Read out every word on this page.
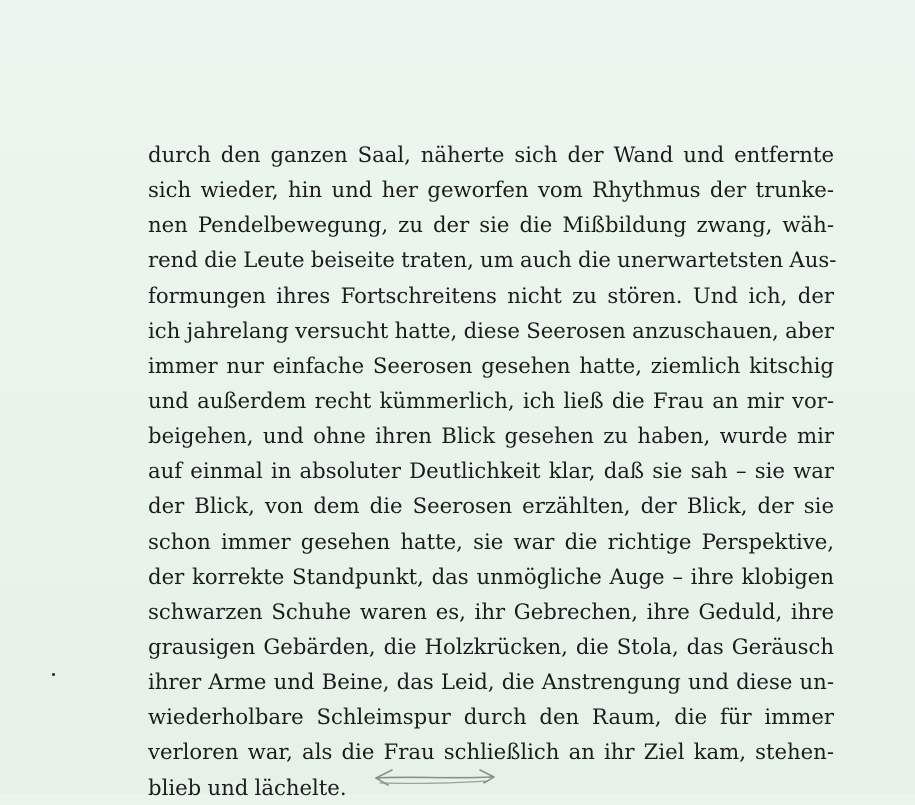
durch den ganzen Saal, näherte sich der Wand und entfernte
sich wieder, hin und her geworfen vom Rhythmus der trunke-
nen Pendelbewegung, zu der sie die Mißbildung zwang, wäh-
rend die Leute beiseite traten, um auch die unerwartetsten Aus-
formungen ihres Fortschreitens nicht zu stören. Und ich, der
ich jahrelang versucht hatte, diese Seerosen anzuschauen, aber
immer nur einfache Seerosen gesehen hatte, ziemlich kitschig
und außerdem recht kümmerlich, ich ließ die Frau an mir vor-
beigehen, und ohne ihren Blick gesehen zu haben, wurde mir
auf einmal in absoluter Deutlichkeit klar, daß sie sah – sie war
der Blick, von dem die Seerosen erzählten, der Blick, der sie
schon immer gesehen hatte, sie war die richtige Perspektive,
der korrekte Standpunkt, das unmögliche Auge – ihre klobigen
schwarzen Schuhe waren es, ihr Gebrechen, ihre Geduld, ihre
grausigen Gebärden, die Holzkrücken, die Stola, das Geräusch
ihrer Arme und Beine, das Leid, die Anstrengung und diese un-
wiederholbare Schleimspur durch den Raum, die für immer
verloren war, als die Frau schließlich an ihr Ziel kam, stehen-
blieb und lächelte.
